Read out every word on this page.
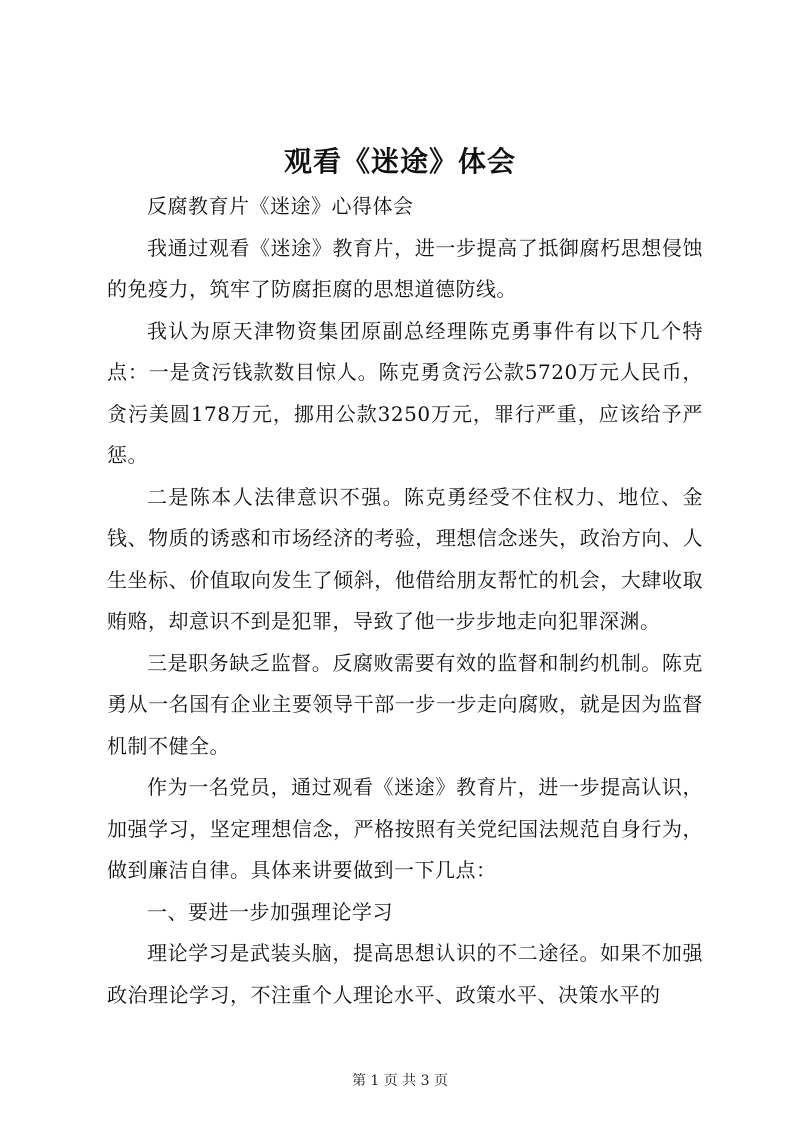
观看《迷途》体会

反腐教育片《迷途》心得体会

我通过观看《迷途》教育片，进一步提高了抵御腐朽思想侵蚀的免疫力，筑牢了防腐拒腐的思想道德防线。

我认为原天津物资集团原副总经理陈克勇事件有以下几个特点：一是贪污钱款数目惊人。陈克勇贪污公款5720万元人民币，贪污美圆178万元，挪用公款3250万元，罪行严重，应该给予严惩。

二是陈本人法律意识不强。陈克勇经受不住权力、地位、金钱、物质的诱惑和市场经济的考验，理想信念迷失，政治方向、人生坐标、价值取向发生了倾斜，他借给朋友帮忙的机会，大肆收取贿赂，却意识不到是犯罪，导致了他一步步地走向犯罪深渊。

三是职务缺乏监督。反腐败需要有效的监督和制约机制。陈克勇从一名国有企业主要领导干部一步一步走向腐败，就是因为监督机制不健全。

作为一名党员，通过观看《迷途》教育片，进一步提高认识，加强学习，坚定理想信念，严格按照有关党纪国法规范自身行为，做到廉洁自律。具体来讲要做到一下几点：

一、要进一步加强理论学习

理论学习是武装头脑，提高思想认识的不二途径。如果不加强政治理论学习，不注重个人理论水平、政策水平、决策水平的

第 1 页 共 3 页
